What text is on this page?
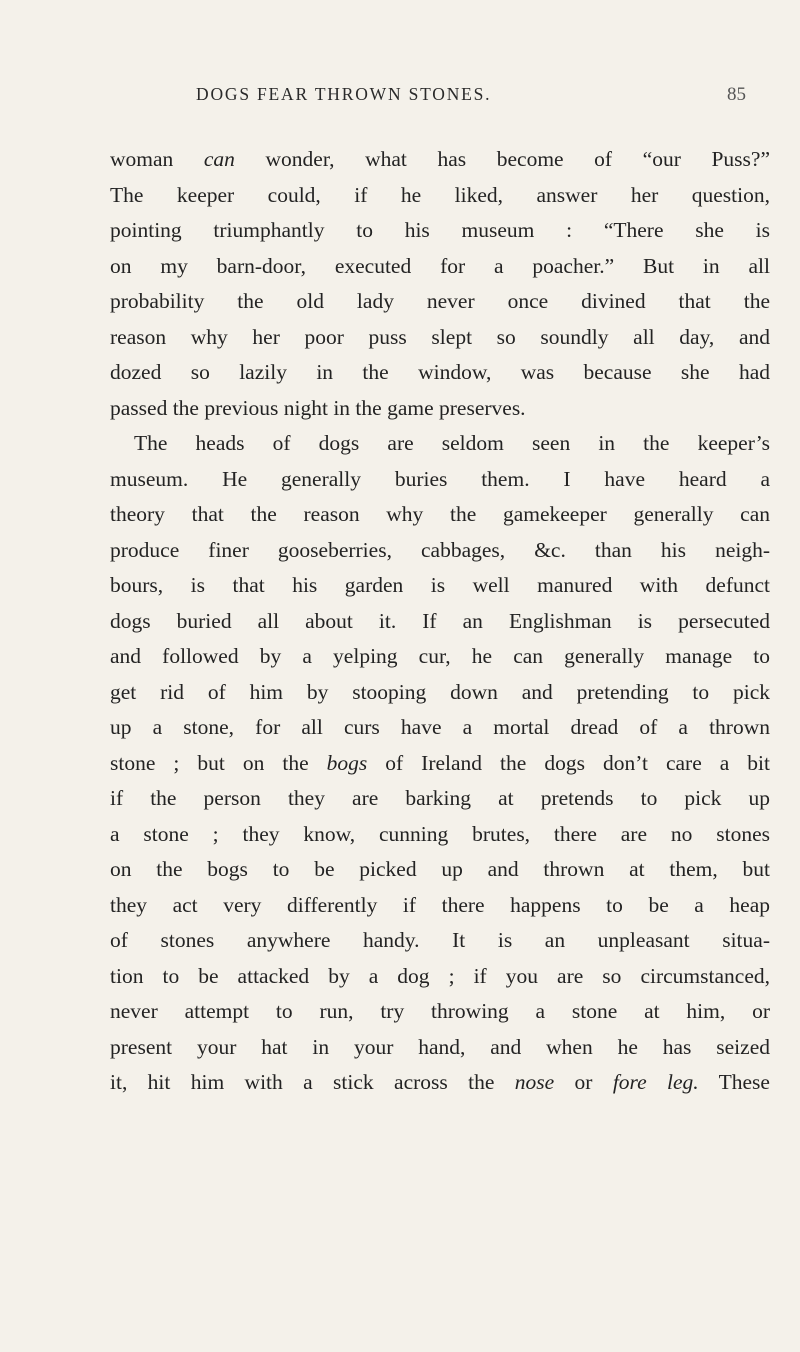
DOGS FEAR THROWN STONES.	85
woman can wonder, what has become of “our Puss?”
The keeper could, if he liked, answer her question,
pointing triumphantly to his museum : “There she is
on my barn-door, executed for a poacher.” But in all
probability the old lady never once divined that the
reason why her poor puss slept so soundly all day, and
dozed so lazily in the window, was because she had
passed the previous night in the game preserves.
The heads of dogs are seldom seen in the keeper’s
museum. He generally buries them. I have heard a
theory that the reason why the gamekeeper generally can
produce finer gooseberries, cabbages, &c. than his neigh-
bours, is that his garden is well manured with defunct
dogs buried all about it. If an Englishman is persecuted
and followed by a yelping cur, he can generally manage to
get rid of him by stooping down and pretending to pick
up a stone, for all curs have a mortal dread of a thrown
stone ; but on the bogs of Ireland the dogs don’t care a bit
if the person they are barking at pretends to pick up
a stone ; they know, cunning brutes, there are no stones
on the bogs to be picked up and thrown at them, but
they act very differently if there happens to be a heap
of stones anywhere handy. It is an unpleasant situa-
tion to be attacked by a dog ; if you are so circumstanced,
never attempt to run, try throwing a stone at him, or
present your hat in your hand, and when he has seized
it, hit him with a stick across the nose or fore leg. These
